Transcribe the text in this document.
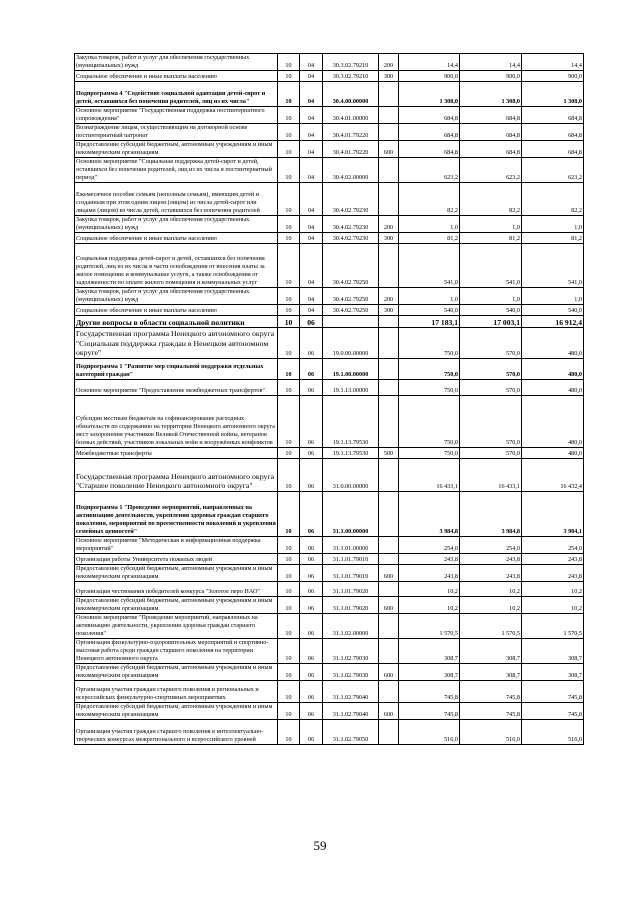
Закупка товаров, работ и услуг для обеспечения государственных (муниципальных) нужд	10	04	30.3.02.79210	200	14,4	14,4	14,4
Социальное обеспечение и иные выплаты населению	10	04	30.3.02.79210	300	900,0	900,0	900,0
Подпрограмма 4 "Содействие социальной адаптации детей-сирот и детей, оставшихся без попечения родителей, лиц из их числа"	10	04	30.4.00.00000		1 308,0	1 308,0	1 308,0
Основное мероприятие "Государственная поддержка постинтернатного сопровождения"	10	04	30.4.01.00000		684,8	684,8	684,8
Вознаграждение лицам, осуществляющим на договорной основе постинтернатный патронат	10	04	30.4.01.79220		684,8	684,8	684,8
Предоставление субсидий бюджетным, автономным учреждениям и иным некоммерческим организациям	10	04	30.4.01.79220	600	684,8	684,8	684,8
Основное мероприятие "Социальная поддержка детей-сирот и детей, оставшихся без попечения родителей, лиц из их числа в постинтернатный период"	10	04	30.4.02.00000		623,2	623,2	623,2
Ежемесячное пособие семьям (неполным семьям), имеющим детей и созданным при этом одним лицом (лицом) из числа детей-сирот или лицами (лицом) из числа детей, оставшихся без попечения родителей	10	04	30.4.02.79230		82,2	82,2	82,2
Закупка товаров, работ и услуг для обеспечения государственных (муниципальных) нужд	10	04	30.4.02.79230	200	1,0	1,0	1,0
Социальное обеспечение и иные выплаты населению	10	04	30.4.02.79230	300	81,2	81,2	81,2
Социальная поддержка детей-сирот и детей, оставшихся без попечения родителей, лиц из их числа в части освобождения от внесения платы за жилое помещение и коммунальные услуги, а также освобождения от задолженности по оплате жилого помещения и коммунальных услуг	10	04	30.4.02.79250		541,0	541,0	541,0
Закупка товаров, работ и услуг для обеспечения государственных (муниципальных) нужд	10	04	30.4.02.79250	200	1,0	1,0	1,0
Социальное обеспечение и иные выплаты населению	10	04	30.4.02.79250	300	540,0	540,0	540,0
Другие вопросы в области социальной политики	10	06			17 183,1	17 003,1	16 912,4
Государственная программа Ненецкого автономного округа "Социальная поддержка граждан в Ненецком автономном округе"	10	06	19.0.00.00000		750,0	570,0	480,0
Подпрограмма 1 "Развитие мер социальной поддержки отдельных категорий граждан"	10	06	19.1.00.00000		750,0	570,0	480,0
Основное мероприятие "Предоставление межбюджетных трансфертов"	10	06	19.1.13.00000		750,0	570,0	480,0
Субсидии местным бюджетам на софинансирование расходных обязательств по содержанию на территории Ненецкого автономного округа мест захоронения участников Великой Отечественной войны, ветеранов боевых действий, участников локальных войн и вооружённых конфликтов	10	06	19.1.13.79530		750,0	570,0	480,0
Межбюджетные трансферты	10	06	19.1.13.79530	500	750,0	570,0	480,0
Государственная программа Ненецкого автономного округа "Старшее поколение Ненецкого автономного округа"	10	06	31.0.00.00000		16 433,1	16 433,1	16 432,4
Подпрограмма 1 "Проведение мероприятий, направленных на активизацию деятельности, укрепления здоровья граждан старшего поколения, мероприятий по преемственности поколений и укрепления семейных ценностей"	10	06	31.1.00.00000		3 984,8	3 984,8	3 984,1
Основное мероприятие "Методическая и информационная поддержка мероприятий"	10	06	31.1.01.00000		254,0	254,0	254,0
Организация работы Университета пожилых людей	10	06	31.1.01.79010		243,8	243,8	243,8
Предоставление субсидий бюджетным, автономным учреждениям и иным некоммерческим организациям	10	06	31.1.01.79010	600	243,8	243,8	243,8
Организация чествования победителей конкурса "Золотое перо НАО"	10	06	31.1.01.79020		10,2	10,2	10,2
Предоставление субсидий бюджетным, автономным учреждениям и иным некоммерческим организациям	10	06	31.1.01.79020	600	10,2	10,2	10,2
Основное мероприятие "Проведение мероприятий, направленных на активизацию деятельности, укрепления здоровья граждан старшего поколения"	10	06	31.1.02.00000		1 570,5	1 570,5	1 570,5
Организация физкультурно-оздоровительных мероприятий и спортивно-массовая работа среди граждан старшего поколения на территории Ненецкого автономного округа	10	06	31.1.02.79030		308,7	308,7	308,7
Предоставление субсидий бюджетным, автономным учреждениям и иным некоммерческим организациям	10	06	31.1.02.79030	600	308,7	308,7	308,7
Организация участия граждан старшего поколения в региональных и всероссийских физкультурно-спортивных мероприятиях	10	06	31.1.02.79040		745,8	745,8	745,8
Предоставление субсидий бюджетным, автономным учреждениям и иным некоммерческим организациям	10	06	31.1.02.79040	600	745,8	745,8	745,8
Организация участия граждан старшего поколения в интеллектуально-творческих конкурсах межрегионального и всероссийского уровней	10	06	31.1.02.79050		516,0	516,0	516,0
59
